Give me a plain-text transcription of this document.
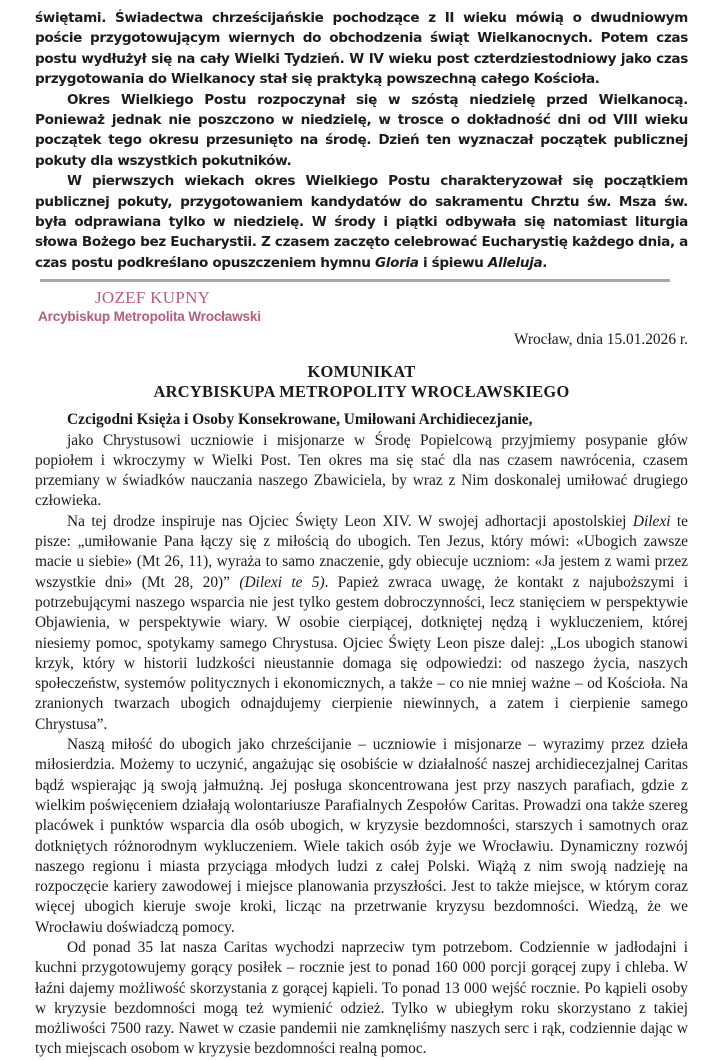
świętami. Świadectwa chrześcijańskie pochodzące z II wieku mówią o dwudniowym poście przygotowującym wiernych do obchodzenia świąt Wielkanocnych. Potem czas postu wydłużył się na cały Wielki Tydzień. W IV wieku post czterdziestodniowy jako czas przygotowania do Wielkanocy stał się praktyką powszechną całego Kościoła.

Okres Wielkiego Postu rozpoczynał się w szóstą niedzielę przed Wielkanocą. Ponieważ jednak nie poszczono w niedzielę, w trosce o dokładność dni od VIII wieku początek tego okresu przesunięto na środę. Dzień ten wyznaczał początek publicznej pokuty dla wszystkich pokutników.

W pierwszych wiekach okres Wielkiego Postu charakteryzował się początkiem publicznej pokuty, przygotowaniem kandydatów do sakramentu Chrztu św. Msza św. była odprawiana tylko w niedzielę. W środy i piątki odbywała się natomiast liturgia słowa Bożego bez Eucharystii. Z czasem zaczęto celebrować Eucharystię każdego dnia, a czas postu podkreślano opuszczeniem hymnu Gloria i śpiewu Alleluja.

JOZEF KUPNY
Arcybiskup Metropolita Wrocławski
Wrocław, dnia 15.01.2026 r.
KOMUNIKAT
ARCYBISKUPA METROPOLITY WROCŁAWSKIEGO
Czcigodni Księża i Osoby Konsekrowane, Umiłowani Archidiecezjanie,

jako Chrystusowi uczniowie i misjonarze w Środę Popielcową przyjmiemy posypanie głów popiołem i wkroczymy w Wielki Post. Ten okres ma się stać dla nas czasem nawrócenia, czasem przemiany w świadków nauczania naszego Zbawiciela, by wraz z Nim doskonalej umiłować drugiego człowieka.

Na tej drodze inspiruje nas Ojciec Święty Leon XIV. W swojej adhortacji apostolskiej Dilexi te pisze: „umiłowanie Pana łączy się z miłością do ubogich. Ten Jezus, który mówi: «Ubogich zawsze macie u siebie» (Mt 26, 11), wyraża to samo znaczenie, gdy obiecuje uczniom: «Ja jestem z wami przez wszystkie dni» (Mt 28, 20)” (Dilexi te 5). Papież zwraca uwagę, że kontakt z najuboższymi i potrzebującymi naszego wsparcia nie jest tylko gestem dobroczynności, lecz stanięciem w perspektywie Objawienia, w perspektywie wiary. W osobie cierpiącej, dotkniętej nędzą i wykluczeniem, której niesiemy pomoc, spotykamy samego Chrystusa. Ojciec Święty Leon pisze dalej: „Los ubogich stanowi krzyk, który w historii ludzkości nieustannie domaga się odpowiedzi: od naszego życia, naszych społeczeństw, systemów politycznych i ekonomicznych, a także – co nie mniej ważne – od Kościoła. Na zranionych twarzach ubogich odnajdujemy cierpienie niewinnych, a zatem i cierpienie samego Chrystusa”.

Naszą miłość do ubogich jako chrześcijanie – uczniowie i misjonarze – wyrazimy przez dzieła miłosierdzia. Możemy to uczynić, angażując się osobiście w działalność naszej archidiecezjalnej Caritas bądź wspierając ją swoją jałmużną. Jej posługa skoncentrowana jest przy naszych parafiach, gdzie z wielkim poświęceniem działają wolontariusze Parafialnych Zespołów Caritas. Prowadzi ona także szereg placówek i punktów wsparcia dla osób ubogich, w kryzysie bezdomności, starszych i samotnych oraz dotkniętych różnorodnym wykluczeniem. Wiele takich osób żyje we Wrocławiu. Dynamiczny rozwój naszego regionu i miasta przyciąga młodych ludzi z całej Polski. Wiążą z nim swoją nadzieję na rozpoczęcie kariery zawodowej i miejsce planowania przyszłości. Jest to także miejsce, w którym coraz więcej ubogich kieruje swoje kroki, licząc na przetrwanie kryzysu bezdomności. Wiedzą, że we Wrocławiu doświadczą pomocy.

Od ponad 35 lat nasza Caritas wychodzi naprzeciw tym potrzebom. Codziennie w jadłodajni i kuchni przygotowujemy gorący posiłek – rocznie jest to ponad 160 000 porcji gorącej zupy i chleba. W łaźni dajemy możliwość skorzystania z gorącej kąpieli. To ponad 13 000 wejść rocznie. Po kąpieli osoby w kryzysie bezdomności mogą też wymienić odzież. Tylko w ubiegłym roku skorzystano z takiej możliwości 7500 razy. Nawet w czasie pandemii nie zamknęliśmy naszych serc i rąk, codziennie dając w tych miejscach osobom w kryzysie bezdomności realną pomoc.
